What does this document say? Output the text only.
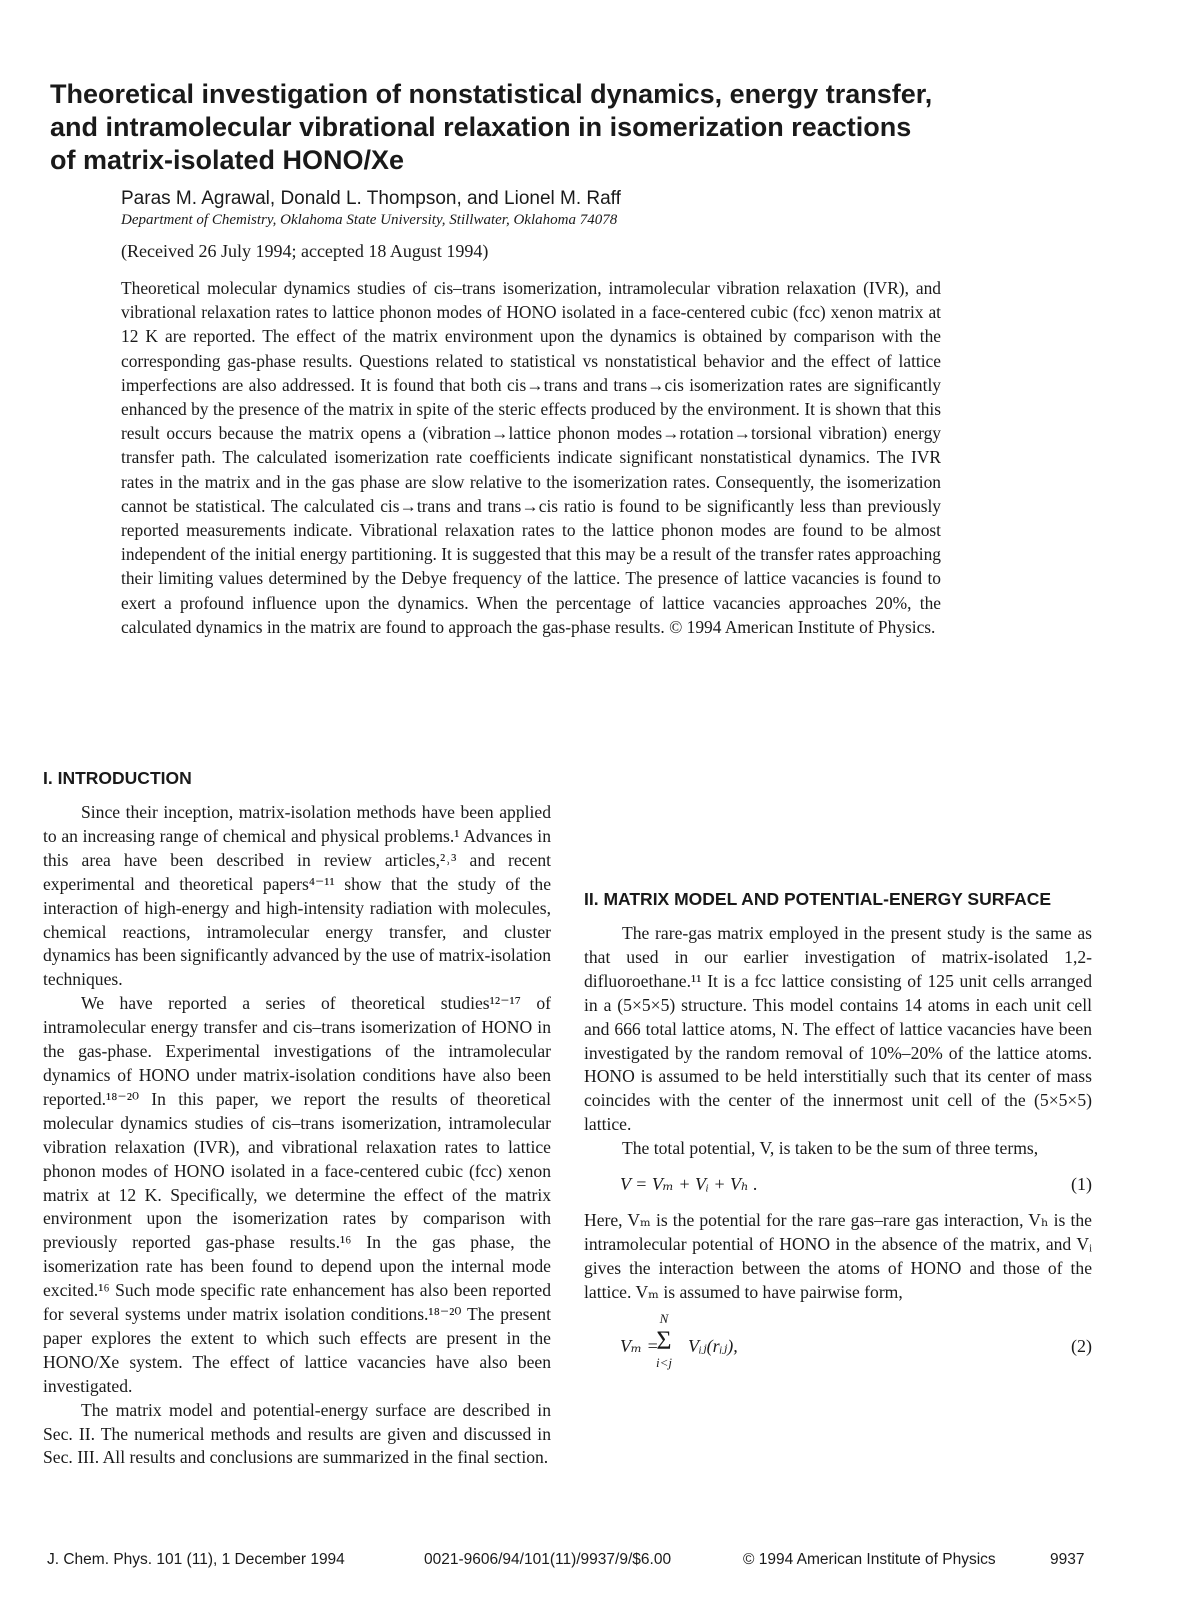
Theoretical investigation of nonstatistical dynamics, energy transfer,
and intramolecular vibrational relaxation in isomerization reactions
of matrix-isolated HONO/Xe
Paras M. Agrawal, Donald L. Thompson, and Lionel M. Raff
Department of Chemistry, Oklahoma State University, Stillwater, Oklahoma 74078
(Received 26 July 1994; accepted 18 August 1994)
Theoretical molecular dynamics studies of cis–trans isomerization, intramolecular vibration relaxation (IVR), and vibrational relaxation rates to lattice phonon modes of HONO isolated in a face-centered cubic (fcc) xenon matrix at 12 K are reported. The effect of the matrix environment upon the dynamics is obtained by comparison with the corresponding gas-phase results. Questions related to statistical vs nonstatistical behavior and the effect of lattice imperfections are also addressed. It is found that both cis→trans and trans→cis isomerization rates are significantly enhanced by the presence of the matrix in spite of the steric effects produced by the environment. It is shown that this result occurs because the matrix opens a (vibration→lattice phonon modes→rotation→torsional vibration) energy transfer path. The calculated isomerization rate coefficients indicate significant nonstatistical dynamics. The IVR rates in the matrix and in the gas phase are slow relative to the isomerization rates. Consequently, the isomerization cannot be statistical. The calculated cis→trans and trans→cis ratio is found to be significantly less than previously reported measurements indicate. Vibrational relaxation rates to the lattice phonon modes are found to be almost independent of the initial energy partitioning. It is suggested that this may be a result of the transfer rates approaching their limiting values determined by the Debye frequency of the lattice. The presence of lattice vacancies is found to exert a profound influence upon the dynamics. When the percentage of lattice vacancies approaches 20%, the calculated dynamics in the matrix are found to approach the gas-phase results. © 1994 American Institute of Physics.
I. INTRODUCTION

Since their inception, matrix-isolation methods have been applied to an increasing range of chemical and physical problems.¹ Advances in this area have been described in review articles,²˒³ and recent experimental and theoretical papers⁴⁻¹¹ show that the study of the interaction of high-energy and high-intensity radiation with molecules, chemical reactions, intramolecular energy transfer, and cluster dynamics has been significantly advanced by the use of matrix-isolation techniques.

We have reported a series of theoretical studies¹²⁻¹⁷ of intramolecular energy transfer and cis–trans isomerization of HONO in the gas-phase. Experimental investigations of the intramolecular dynamics of HONO under matrix-isolation conditions have also been reported.¹⁸⁻²⁰ In this paper, we report the results of theoretical molecular dynamics studies of cis–trans isomerization, intramolecular vibration relaxation (IVR), and vibrational relaxation rates to lattice phonon modes of HONO isolated in a face-centered cubic (fcc) xenon matrix at 12 K. Specifically, we determine the effect of the matrix environment upon the isomerization rates by comparison with previously reported gas-phase results.¹⁶ In the gas phase, the isomerization rate has been found to depend upon the internal mode excited.¹⁶ Such mode specific rate enhancement has also been reported for several systems under matrix isolation conditions.¹⁸⁻²⁰ The present paper explores the extent to which such effects are present in the HONO/Xe system. The effect of lattice vacancies have also been investigated.

The matrix model and potential-energy surface are described in Sec. II. The numerical methods and results are given and discussed in Sec. III. All results and conclusions are summarized in the final section.

II. MATRIX MODEL AND POTENTIAL-ENERGY SURFACE

The rare-gas matrix employed in the present study is the same as that used in our earlier investigation of matrix-isolated 1,2-difluoroethane.¹¹ It is a fcc lattice consisting of 125 unit cells arranged in a (5×5×5) structure. This model contains 14 atoms in each unit cell and 666 total lattice atoms, N. The effect of lattice vacancies have been investigated by the random removal of 10%–20% of the lattice atoms. HONO is assumed to be held interstitially such that its center of mass coincides with the center of the innermost unit cell of the (5×5×5) lattice.

The total potential, V, is taken to be the sum of three terms,

V = Vₘ + Vᵢ + Vₕ .	(1)

Here, Vₘ is the potential for the rare gas–rare gas interaction, Vₕ is the intramolecular potential of HONO in the absence of the matrix, and Vᵢ gives the interaction between the atoms of HONO and those of the lattice. Vₘ is assumed to have pairwise form,

Vₘ =
N
Σ
i<j
Vᵢⱼ(rᵢⱼ),	(2)
J. Chem. Phys. 101 (11), 1 December 1994	0021-9606/94/101(11)/9937/9/$6.00	© 1994 American Institute of Physics	9937
